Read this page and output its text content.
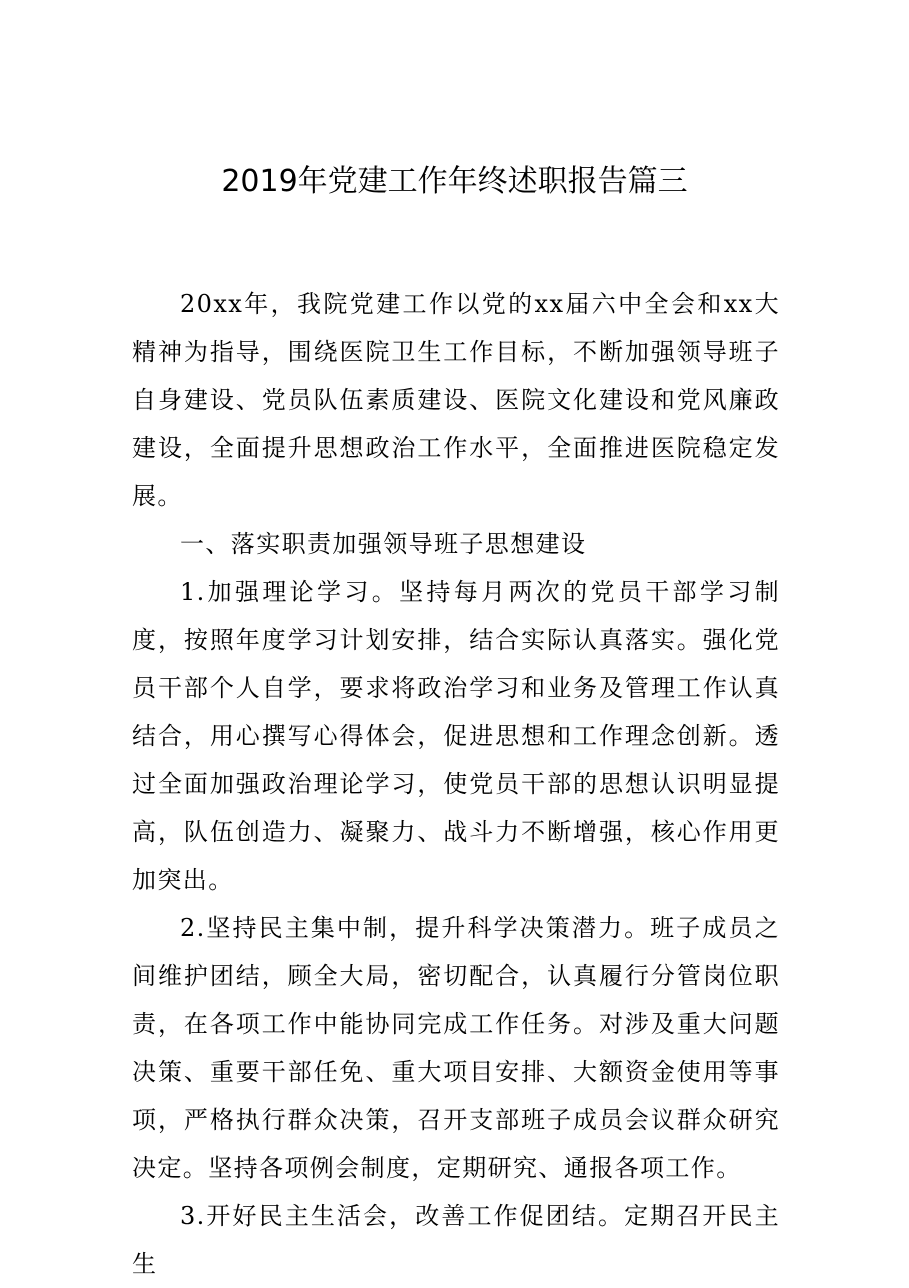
2019年党建工作年终述职报告篇三

20xx年，我院党建工作以党的xx届六中全会和xx大精神为指导，围绕医院卫生工作目标，不断加强领导班子自身建设、党员队伍素质建设、医院文化建设和党风廉政建设，全面提升思想政治工作水平，全面推进医院稳定发展。

一、落实职责加强领导班子思想建设

1.加强理论学习。坚持每月两次的党员干部学习制度，按照年度学习计划安排，结合实际认真落实。强化党员干部个人自学，要求将政治学习和业务及管理工作认真结合，用心撰写心得体会，促进思想和工作理念创新。透过全面加强政治理论学习，使党员干部的思想认识明显提高，队伍创造力、凝聚力、战斗力不断增强，核心作用更加突出。

2.坚持民主集中制，提升科学决策潜力。班子成员之间维护团结，顾全大局，密切配合，认真履行分管岗位职责，在各项工作中能协同完成工作任务。对涉及重大问题决策、重要干部任免、重大项目安排、大额资金使用等事项，严格执行群众决策，召开支部班子成员会议群众研究决定。坚持各项例会制度，定期研究、通报各项工作。

3.开好民主生活会，改善工作促团结。定期召开民主生
